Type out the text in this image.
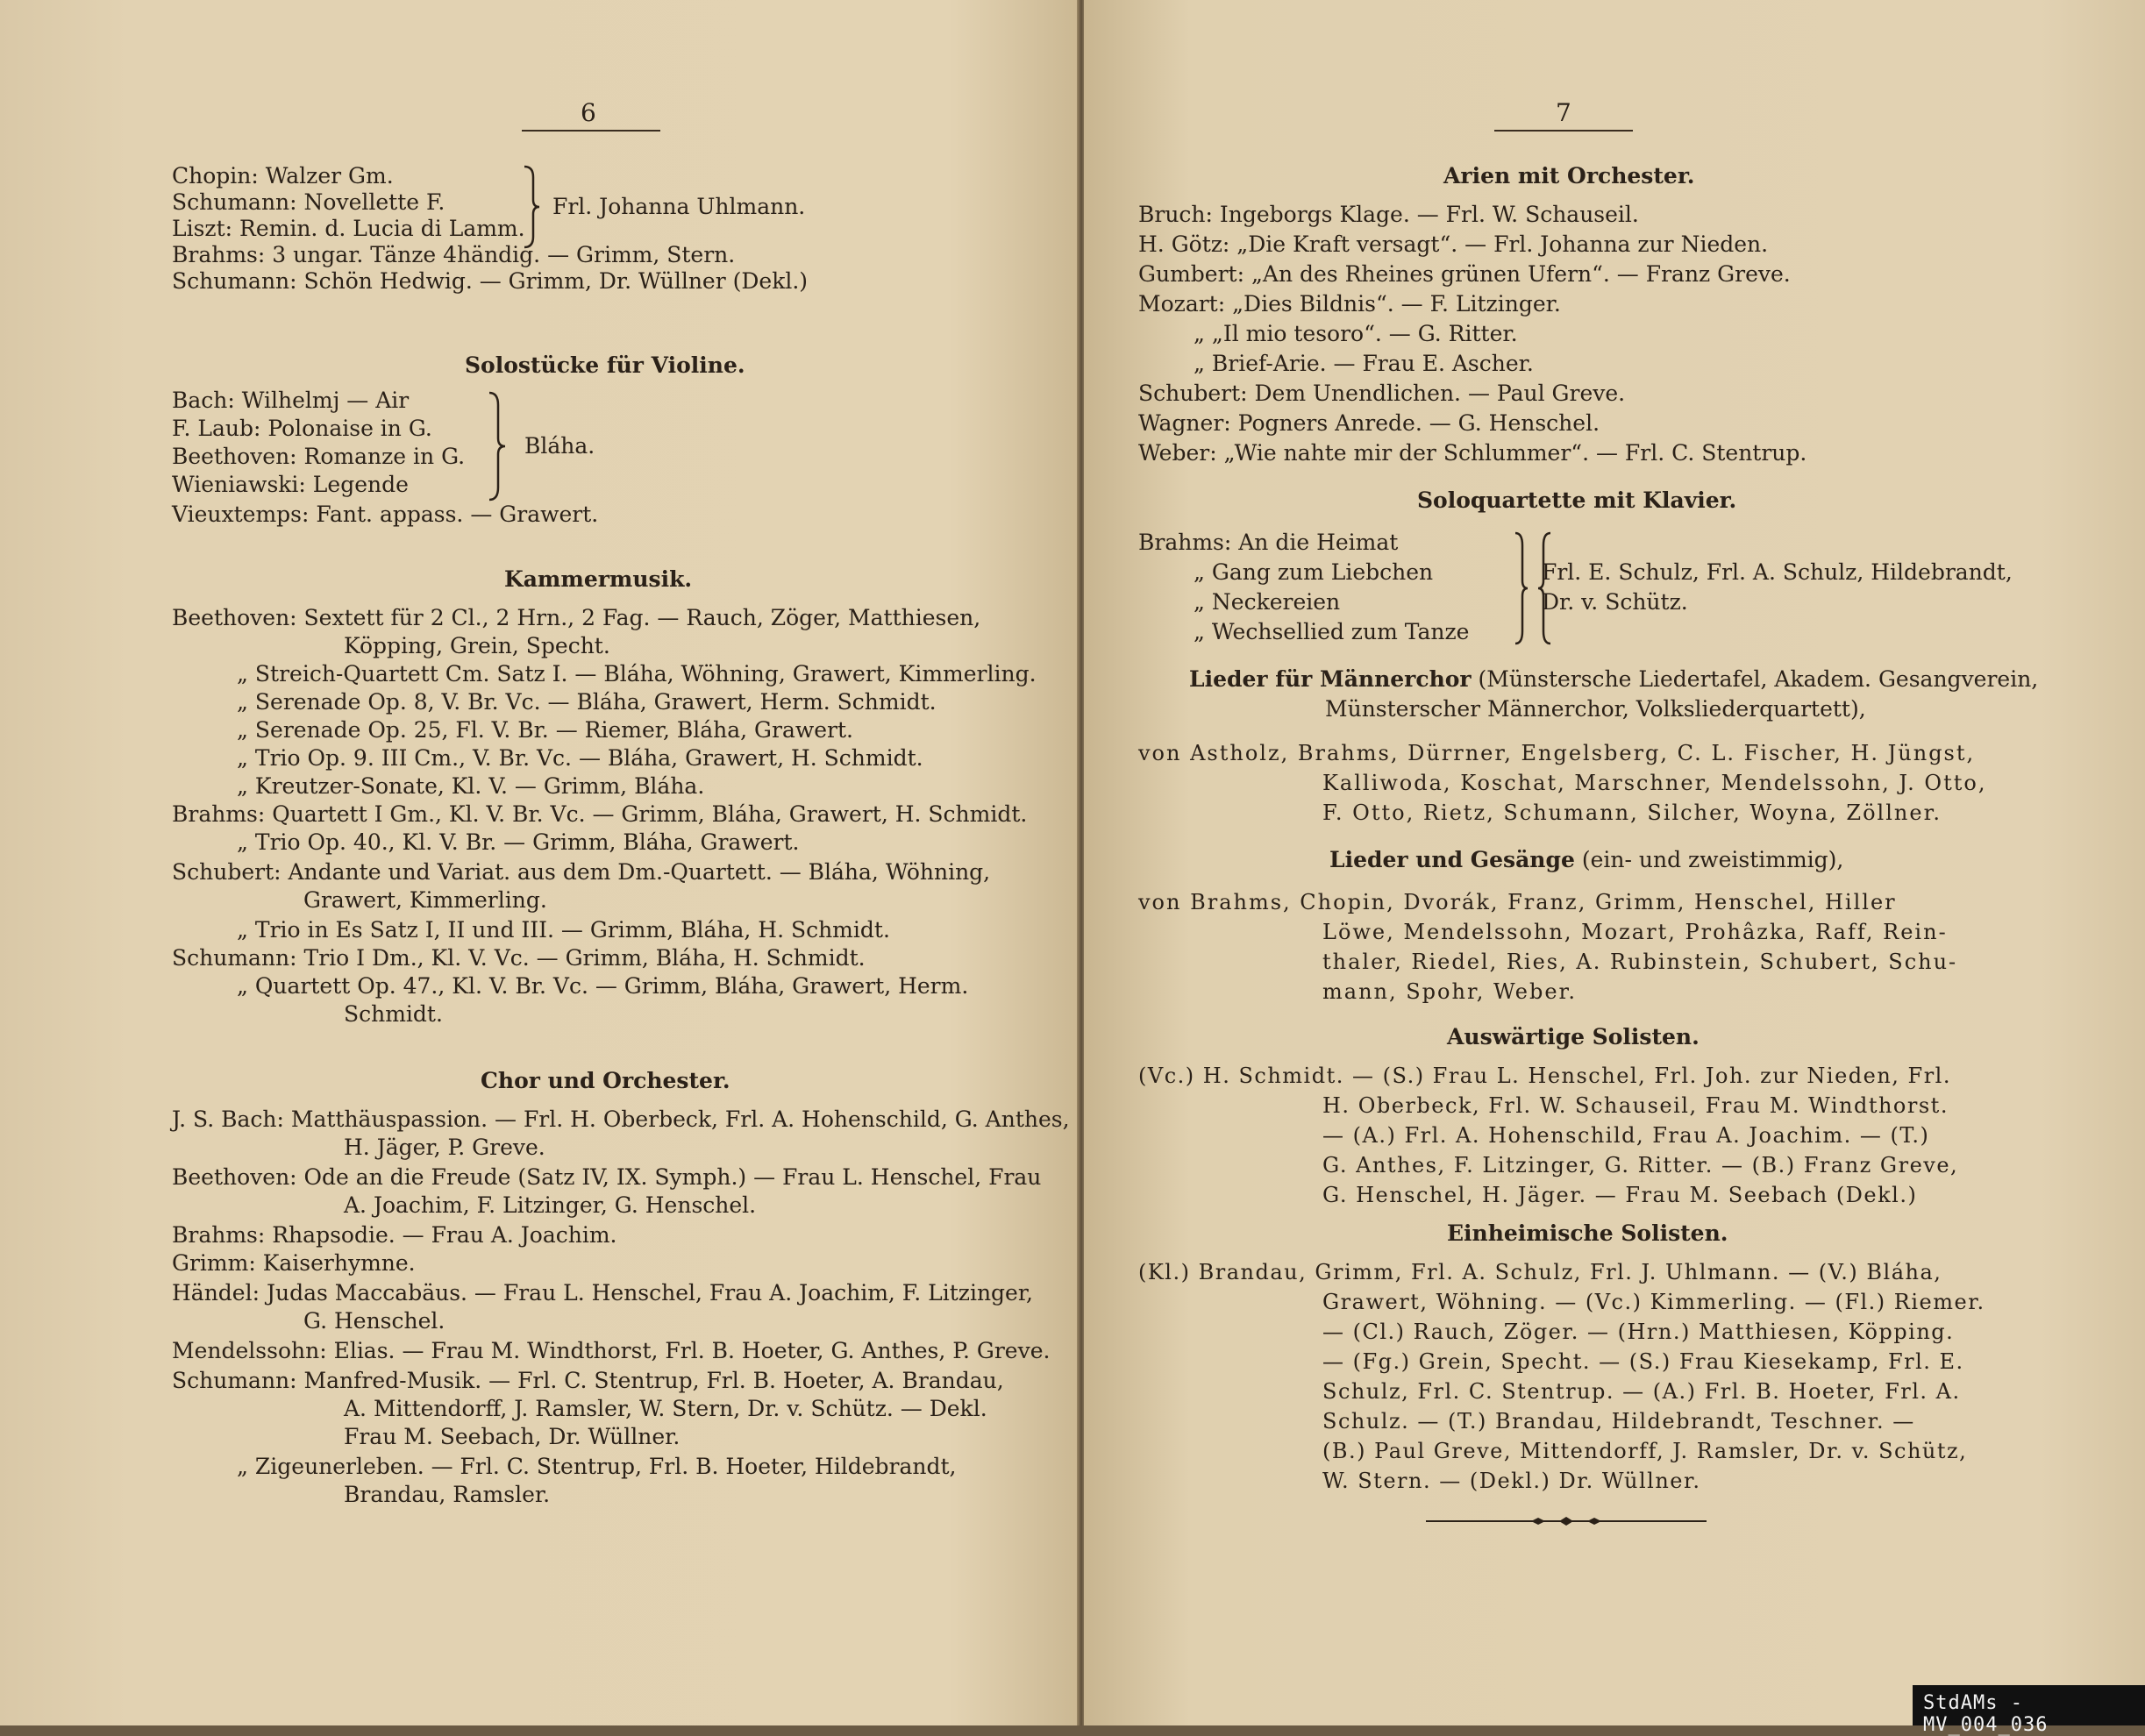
6
Chopin: Walzer Gm.
Schumann: Novellette F.
Liszt: Remin. d. Lucia di Lamm.
Brahms: 3 ungar. Tänze 4händig. — Grimm, Stern.
Schumann: Schön Hedwig. — Grimm, Dr. Wüllner (Dekl.)
Frl. Johanna Uhlmann.
Solostücke für Violine.
Bach: Wilhelmj — Air
F. Laub: Polonaise in G.
Beethoven: Romanze in G.
Wieniawski: Legende
Vieuxtemps: Fant. appass. — Grawert.
Bláha.
Kammermusik.
Beethoven: Sextett für 2 Cl., 2 Hrn., 2 Fag. — Rauch, Zöger, Matthiesen,
Köpping, Grein, Specht.
„ Streich-Quartett Cm. Satz I. — Bláha, Wöhning, Grawert, Kimmerling.
„ Serenade Op. 8, V. Br. Vc. — Bláha, Grawert, Herm. Schmidt.
„ Serenade Op. 25, Fl. V. Br. — Riemer, Bláha, Grawert.
„ Trio Op. 9. III Cm., V. Br. Vc. — Bláha, Grawert, H. Schmidt.
„ Kreutzer-Sonate, Kl. V. — Grimm, Bláha.
Brahms: Quartett I Gm., Kl. V. Br. Vc. — Grimm, Bláha, Grawert, H. Schmidt.
„ Trio Op. 40., Kl. V. Br. — Grimm, Bláha, Grawert.
Schubert: Andante und Variat. aus dem Dm.-Quartett. — Bláha, Wöhning,
Grawert, Kimmerling.
„ Trio in Es Satz I, II und III. — Grimm, Bláha, H. Schmidt.
Schumann: Trio I Dm., Kl. V. Vc. — Grimm, Bláha, H. Schmidt.
„ Quartett Op. 47., Kl. V. Br. Vc. — Grimm, Bláha, Grawert, Herm.
Schmidt.
Chor und Orchester.
J. S. Bach: Matthäuspassion. — Frl. H. Oberbeck, Frl. A. Hohenschild, G. Anthes,
H. Jäger, P. Greve.
Beethoven: Ode an die Freude (Satz IV, IX. Symph.) — Frau L. Henschel, Frau
A. Joachim, F. Litzinger, G. Henschel.
Brahms: Rhapsodie. — Frau A. Joachim.
Grimm: Kaiserhymne.
Händel: Judas Maccabäus. — Frau L. Henschel, Frau A. Joachim, F. Litzinger,
G. Henschel.
Mendelssohn: Elias. — Frau M. Windthorst, Frl. B. Hoeter, G. Anthes, P. Greve.
Schumann: Manfred-Musik. — Frl. C. Stentrup, Frl. B. Hoeter, A. Brandau,
A. Mittendorff, J. Ramsler, W. Stern, Dr. v. Schütz. — Dekl.
Frau M. Seebach, Dr. Wüllner.
„ Zigeunerleben. — Frl. C. Stentrup, Frl. B. Hoeter, Hildebrandt,
Brandau, Ramsler.
7
Arien mit Orchester.
Bruch: Ingeborgs Klage. — Frl. W. Schauseil.
H. Götz: „Die Kraft versagt“. — Frl. Johanna zur Nieden.
Gumbert: „An des Rheines grünen Ufern“. — Franz Greve.
Mozart: „Dies Bildnis“. — F. Litzinger.
„ „Il mio tesoro“. — G. Ritter.
„ Brief-Arie. — Frau E. Ascher.
Schubert: Dem Unendlichen. — Paul Greve.
Wagner: Pogners Anrede. — G. Henschel.
Weber: „Wie nahte mir der Schlummer“. — Frl. C. Stentrup.
Soloquartette mit Klavier.
Brahms: An die Heimat
„ Gang zum Liebchen
„ Neckereien
„ Wechsellied zum Tanze
Frl. E. Schulz, Frl. A. Schulz, Hildebrandt,
Dr. v. Schütz.
Lieder für Männerchor (Münstersche Liedertafel, Akadem. Gesangverein,
Münsterscher Männerchor, Volksliederquartett),
von Astholz, Brahms, Dürrner, Engelsberg, C. L. Fischer, H. Jüngst,
Kalliwoda, Koschat, Marschner, Mendelssohn, J. Otto,
F. Otto, Rietz, Schumann, Silcher, Woyna, Zöllner.
Lieder und Gesänge (ein- und zweistimmig),
von Brahms, Chopin, Dvorák, Franz, Grimm, Henschel, Hiller
Löwe, Mendelssohn, Mozart, Prohâzka, Raff, Rein-
thaler, Riedel, Ries, A. Rubinstein, Schubert, Schu-
mann, Spohr, Weber.
Auswärtige Solisten.
(Vc.) H. Schmidt. — (S.) Frau L. Henschel, Frl. Joh. zur Nieden, Frl.
H. Oberbeck, Frl. W. Schauseil, Frau M. Windthorst.
— (A.) Frl. A. Hohenschild, Frau A. Joachim. — (T.)
G. Anthes, F. Litzinger, G. Ritter. — (B.) Franz Greve,
G. Henschel, H. Jäger. — Frau M. Seebach (Dekl.)
Einheimische Solisten.
(Kl.) Brandau, Grimm, Frl. A. Schulz, Frl. J. Uhlmann. — (V.) Bláha,
Grawert, Wöhning. — (Vc.) Kimmerling. — (Fl.) Riemer.
— (Cl.) Rauch, Zöger. — (Hrn.) Matthiesen, Köpping.
— (Fg.) Grein, Specht. — (S.) Frau Kiesekamp, Frl. E.
Schulz, Frl. C. Stentrup. — (A.) Frl. B. Hoeter, Frl. A.
Schulz. — (T.) Brandau, Hildebrandt, Teschner. —
(B.) Paul Greve, Mittendorff, J. Ramsler, Dr. v. Schütz,
W. Stern. — (Dekl.) Dr. Wüllner.
StdAMs - MV_004_036
